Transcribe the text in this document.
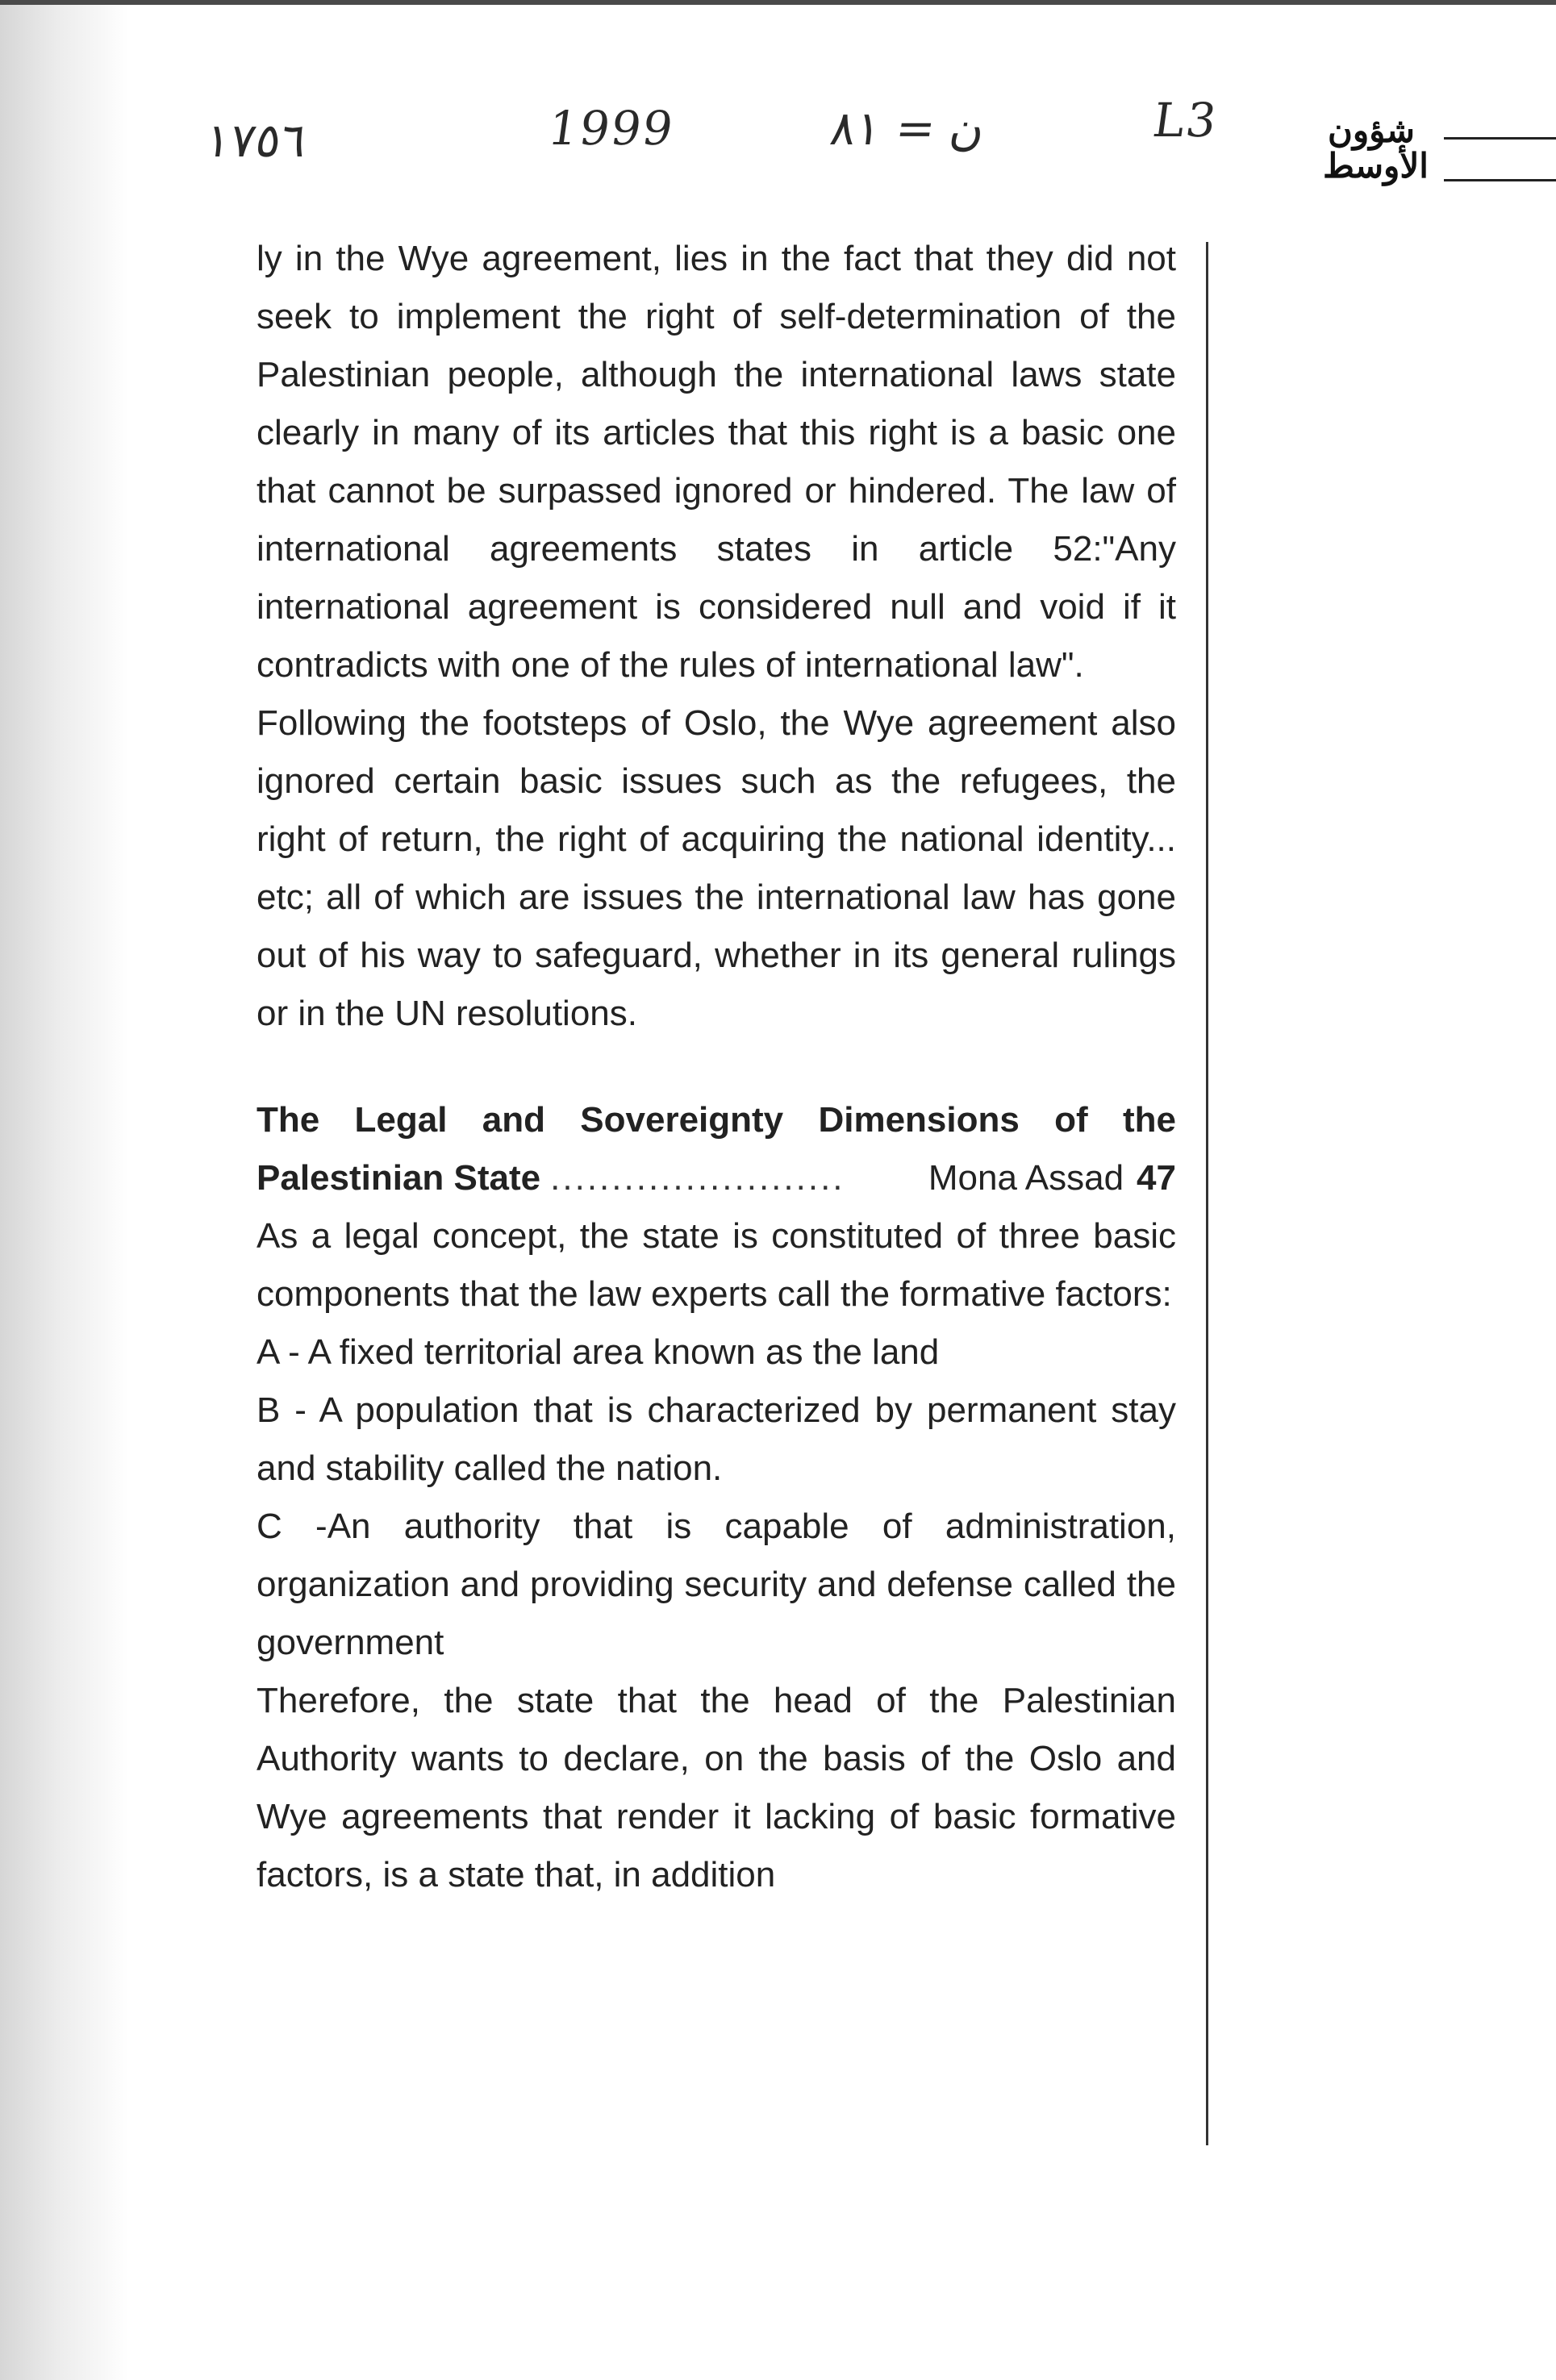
١٧٥٦	1999	ن = ٨١	L3	شؤون
الأوسط

ly in the Wye agreement, lies in the fact that they did not seek to implement the right of self-determination of the Palestinian people, although the international laws state clearly in many of its articles that this right is a basic one that cannot be surpassed ignored or hindered. The law of international agreements states in article 52:"Any international agreement is considered null and void if it contradicts with one of the rules of international law".

Following the footsteps of Oslo, the Wye agreement also ignored certain basic issues such as the refugees, the right of return, the right of acquiring the national identity... etc; all of which are issues the international law has gone out of his way to safeguard, whether in its general rulings or in the UN resolutions.

The Legal and Sovereignty Dimensions of the

Palestinian State ........................	Mona Assad 47

As a legal concept, the state is constituted of three basic components that the law experts call the formative factors:

A - A fixed territorial area known as the land

B - A population that is characterized by permanent stay and stability called the nation.

C -An authority that is capable of administration, organization and providing security and defense called the government

Therefore, the state that the head of the Palestinian Authority wants to declare, on the basis of the Oslo and Wye agreements that render it lacking of basic formative factors, is a state that, in addition
